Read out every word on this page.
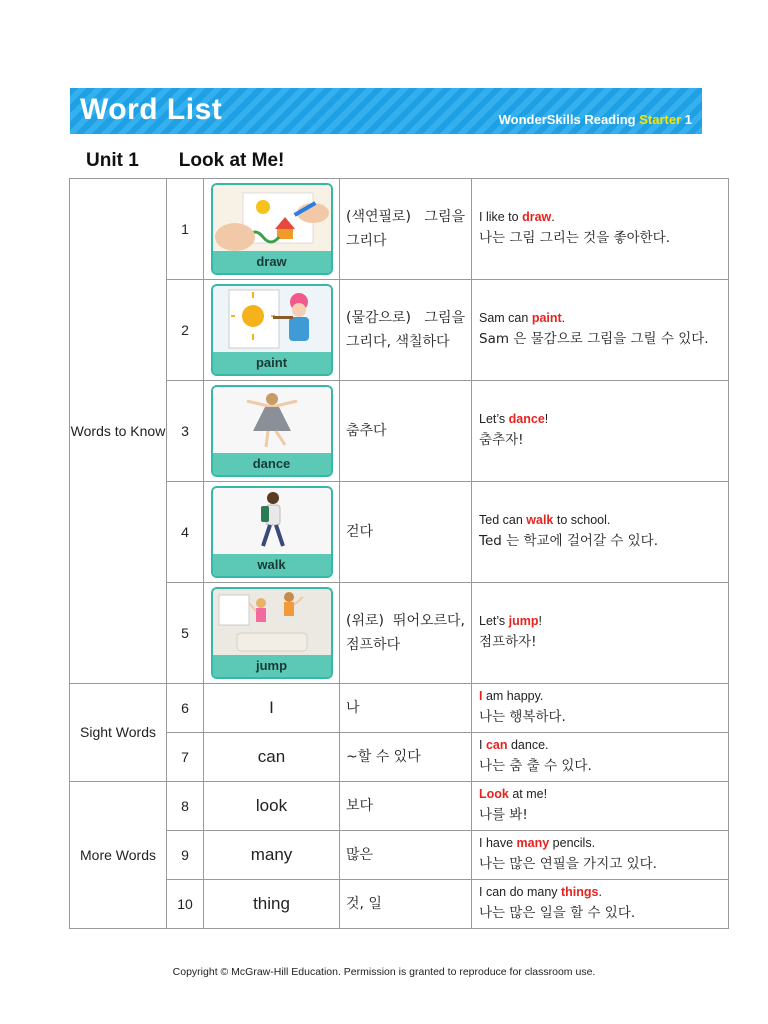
Word List	WonderSkills Reading Starter 1
Unit 1 Look at Me!
Words to Know	1	draw	(색연필로) 그림을 그리다	I like to draw.
나는 그림 그리는 것을 좋아한다.

	2	paint	(물감으로) 그림을 그리다, 색칠하다	Sam can paint.
Sam 은 물감으로 그림을 그릴 수 있다.

	3	dance	춤추다	Let’s dance!
춤추자!

	4	walk	걷다	Ted can walk to school.
Ted 는 학교에 걸어갈 수 있다.

	5	jump	(위로) 뛰어오르다, 점프하다	Let’s jump!
점프하자!

Sight Words	6	I	나	I am happy.
나는 행복하다.

	7	can	~할 수 있다	I can dance.
나는 춤 출 수 있다.

More Words	8	look	보다	Look at me!
나를 봐!

	9	many	많은	I have many pencils.
나는 많은 연필을 가지고 있다.

	10	thing	것, 일	I can do many things.
나는 많은 일을 할 수 있다.
Copyright © McGraw-Hill Education. Permission is granted to reproduce for classroom use.
